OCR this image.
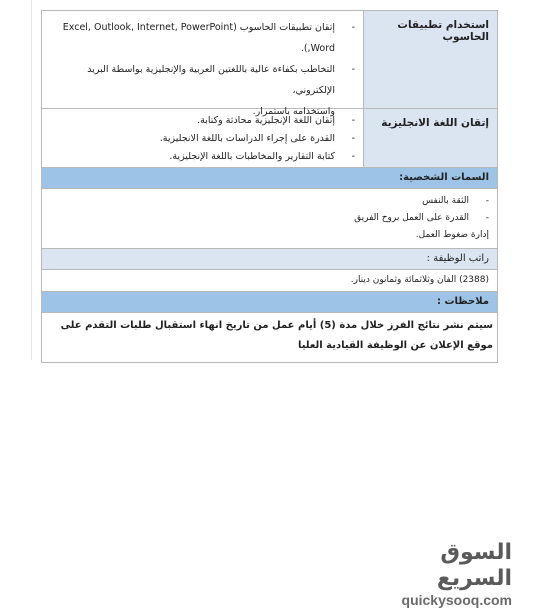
استخدام تطبيقات الحاسوب
-
إتقان تطبيقات الحاسوب (Excel, Outlook, Internet, PowerPoint ,Word).
-
التخاطب بكفاءة عالية باللغتين العربية والإنجليزية بواسطة البريد الإلكتروني،
واستخدامه باستمرار.
إتقان اللغة الانجليزية
-
إتقان اللغة الإنجليزية محادثة وكتابة.
-
القدرة على إجراء الدراسات باللغة الانجليزية.
-
كتابة التقارير والمخاطبات باللغة الإنجليزية.
السمات الشخصية:
-
الثقة بالنفس
-
القدرة على العمل بروح الفريق
إدارة ضغوط العمل.
راتب الوظيفة :
(2388) الفان وثلاثمائة وثمانون دينار.
ملاحظات :
سيتم نشر نتائج الفرز خلال مدة (5) أيام عمل من تاريخ انهاء استقبال طلبات التقدم على موقع الإعلان عن الوظيفة القيادية العليا
السوق السريع
quickysooq.com
